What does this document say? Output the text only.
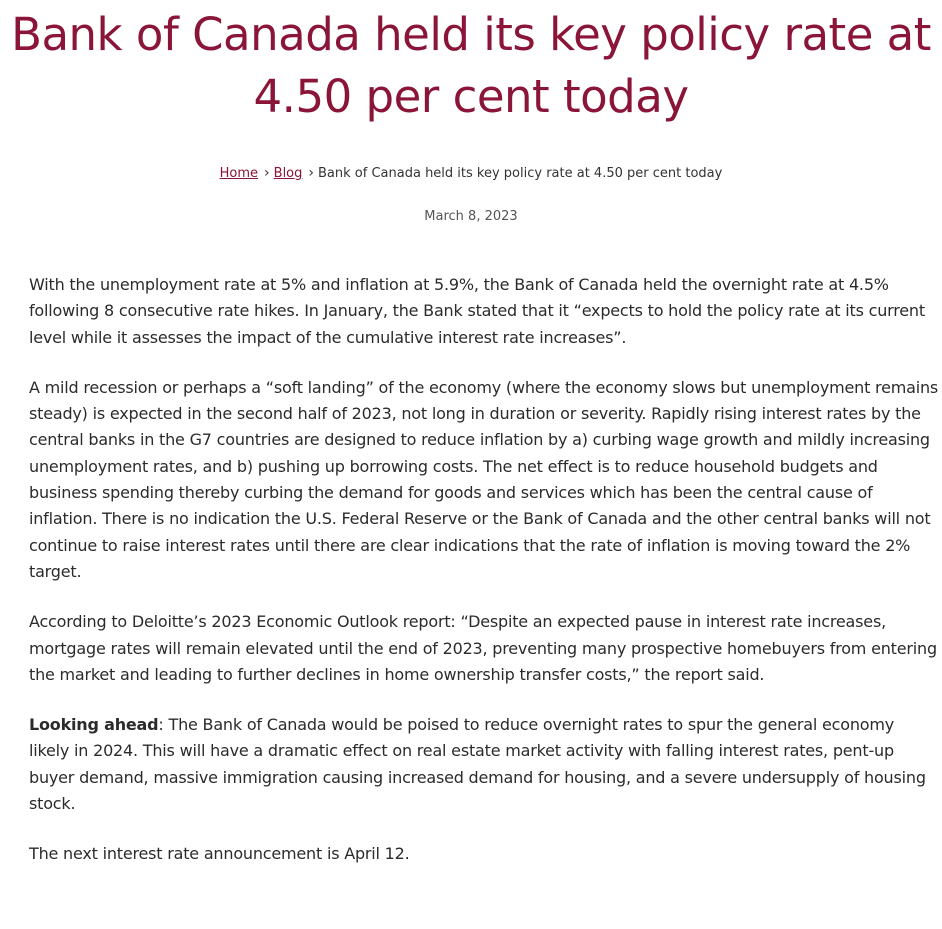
Bank of Canada held its key policy rate at 4.50 per cent today
Home › Blog › Bank of Canada held its key policy rate at 4.50 per cent today
March 8, 2023

With the unemployment rate at 5% and inflation at 5.9%, the Bank of Canada held the overnight rate at 4.5% following 8 consecutive rate hikes. In January, the Bank stated that it “expects to hold the policy rate at its current level while it assesses the impact of the cumulative interest rate increases”.

A mild recession or perhaps a “soft landing” of the economy (where the economy slows but unemployment remains steady) is expected in the second half of 2023, not long in duration or severity. Rapidly rising interest rates by the central banks in the G7 countries are designed to reduce inflation by a) curbing wage growth and mildly increasing unemployment rates, and b) pushing up borrowing costs. The net effect is to reduce household budgets and business spending thereby curbing the demand for goods and services which has been the central cause of inflation. There is no indication the U.S. Federal Reserve or the Bank of Canada and the other central banks will not continue to raise interest rates until there are clear indications that the rate of inflation is moving toward the 2% target.

According to Deloitte’s 2023 Economic Outlook report: “Despite an expected pause in interest rate increases, mortgage rates will remain elevated until the end of 2023, preventing many prospective homebuyers from entering the market and leading to further declines in home ownership transfer costs,” the report said.

Looking ahead: The Bank of Canada would be poised to reduce overnight rates to spur the general economy likely in 2024. This will have a dramatic effect on real estate market activity with falling interest rates, pent-up buyer demand, massive immigration causing increased demand for housing, and a severe undersupply of housing stock.

The next interest rate announcement is April 12.
